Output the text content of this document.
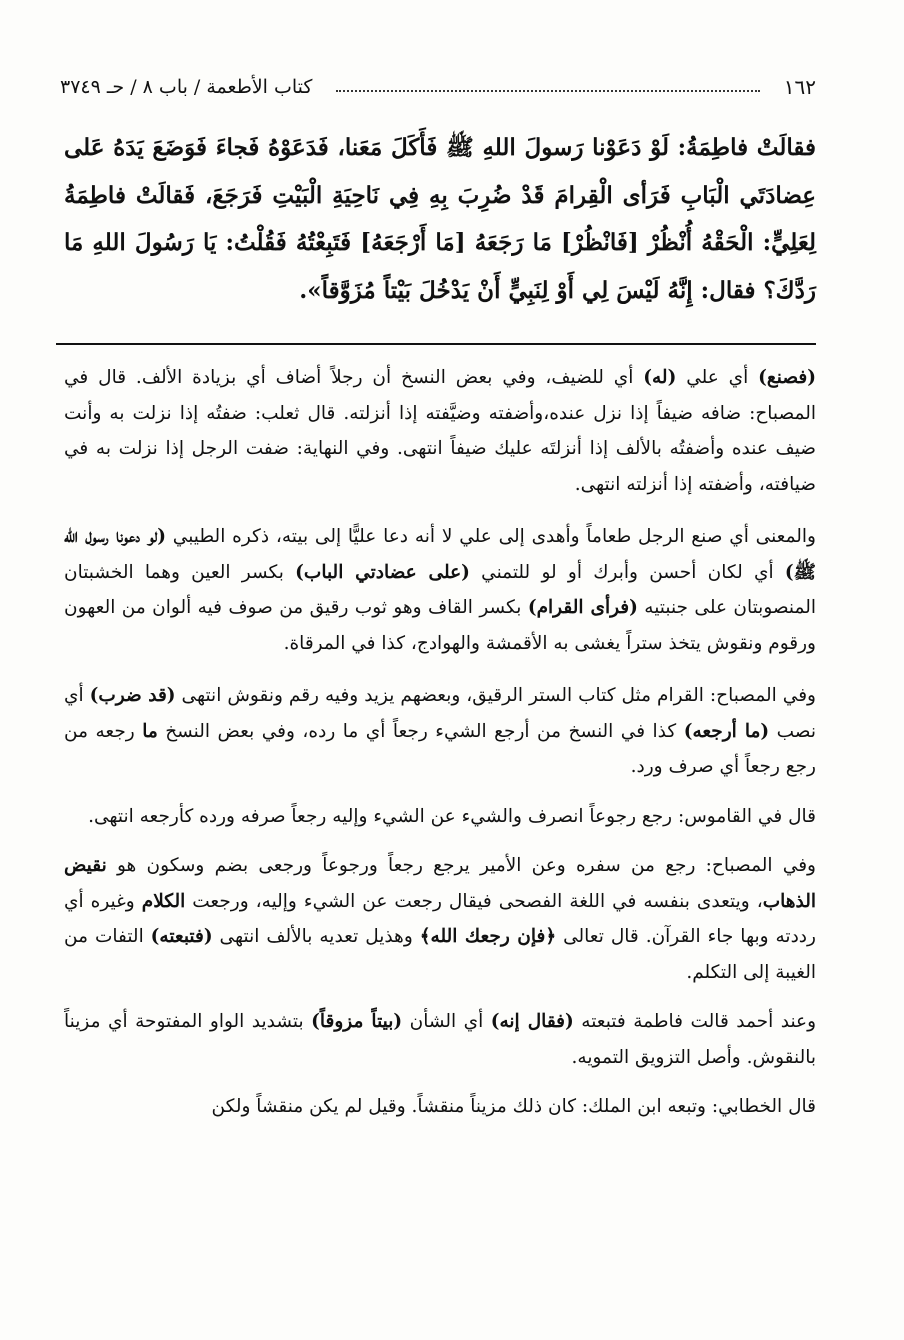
١٦٢
كتاب الأطعمة / باب ٨ / حـ ٣٧٤٩

فقالَتْ فاطِمَةُ: لَوْ دَعَوْنا رَسولَ اللهِ ﷺ فَأَكَلَ مَعَنا، فَدَعَوْهُ فَجاءَ فَوَضَعَ يَدَهُ عَلى عِضادَتَي الْبَابِ فَرَأى الْقِرامَ قَدْ ضُرِبَ بِهِ فِي نَاحِيَةِ الْبَيْتِ فَرَجَعَ، فَقالَتْ فاطِمَةُ لِعَلِيٍّ: الْحَقْهُ أُنْظُرْ [فَانْظُرْ] مَا رَجَعَهُ [مَا أَرْجَعَهُ] فَتَبِعْتُهُ فَقُلْتُ: يَا رَسُولَ اللهِ مَا رَدَّكَ؟ فقال: إِنَّهُ لَيْسَ لِي أَوْ لِنَبِيٍّ أَنْ يَدْخُلَ بَيْتاً مُزَوَّقاً».

(فصنع) أي علي (له) أي للضيف، وفي بعض النسخ أن رجلاً أضاف أي بزيادة الألف. قال في المصباح: ضافه ضيفاً إذا نزل عنده،وأضفته وضيَّفته إذا أنزلته. قال ثعلب: ضفتُه إذا نزلت به وأنت ضيف عنده وأضفتُه بالألف إذا أنزلتَه عليك ضيفاً انتهى. وفي النهاية: ضفت الرجل إذا نزلت به في ضيافته، وأضفته إذا أنزلته انتهى.

والمعنى أي صنع الرجل طعاماً وأهدى إلى علي لا أنه دعا عليًّا إلى بيته، ذكره الطيبي (لو دعونا رسول الله ﷺ) أي لكان أحسن وأبرك أو لو للتمني (على عضادتي الباب) بكسر العين وهما الخشبتان المنصوبتان على جنبتيه (فرأى القرام) بكسر القاف وهو ثوب رقيق من صوف فيه ألوان من العهون ورقوم ونقوش يتخذ ستراً يغشى به الأقمشة والهوادج، كذا في المرقاة.

وفي المصباح: القرام مثل كتاب الستر الرقيق، وبعضهم يزيد وفيه رقم ونقوش انتهى (قد ضرب) أي نصب (ما أرجعه) كذا في النسخ من أرجع الشيء رجعاً أي ما رده، وفي بعض النسخ ما رجعه من رجع رجعاً أي صرف ورد.

قال في القاموس: رجع رجوعاً انصرف والشيء عن الشيء وإليه رجعاً صرفه ورده كأرجعه انتهى.

وفي المصباح: رجع من سفره وعن الأمير يرجع رجعاً ورجوعاً ورجعى بضم وسكون هو نقيض الذهاب، ويتعدى بنفسه في اللغة الفصحى فيقال رجعت عن الشيء وإليه، ورجعت الكلام وغيره أي رددته وبها جاء القرآن. قال تعالى ﴿فإن رجعك الله﴾ وهذيل تعديه بالألف انتهى (فتبعته) التفات من الغيبة إلى التكلم.

وعند أحمد قالت فاطمة فتبعته (فقال إنه) أي الشأن (بيتاً مزوقاً) بتشديد الواو المفتوحة أي مزيناً بالنقوش. وأصل التزويق التمويه.

قال الخطابي: وتبعه ابن الملك: كان ذلك مزيناً منقشاً. وقيل لم يكن منقشاً ولكن
